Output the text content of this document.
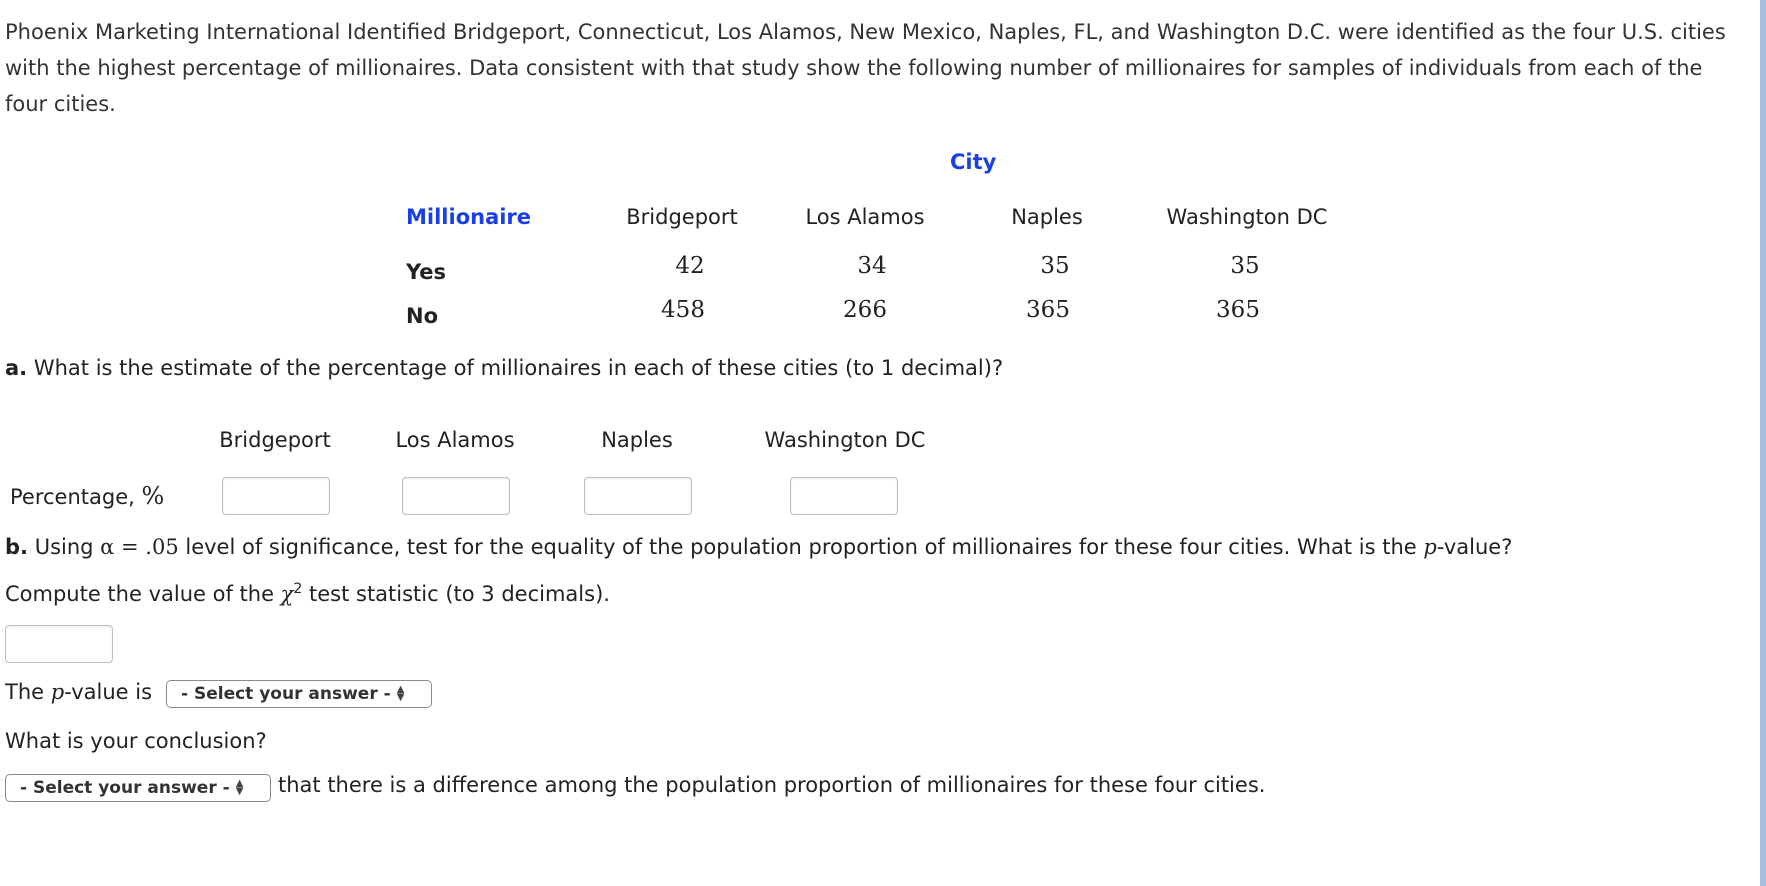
Phoenix Marketing International Identified Bridgeport, Connecticut, Los Alamos, New Mexico, Naples, FL, and Washington D.C. were identified as the four U.S. cities with the highest percentage of millionaires. Data consistent with that study show the following number of millionaires for samples of individuals from each of the four cities.
City
Millionaire	Bridgeport	Los Alamos	Naples	Washington DC
Yes	42	34	35	35
No	458	266	365	365
a. What is the estimate of the percentage of millionaires in each of these cities (to 1 decimal)?
Bridgeport	Los Alamos	Naples	Washington DC
Percentage, %
b. Using α = .05 level of significance, test for the equality of the population proportion of millionaires for these four cities. What is the p-value?
Compute the value of the $\chi^2$ test statistic (to 3 decimals).
The p-value is - Select your answer - ▲
▼
What is your conclusion?
- Select your answer - ▲
▼ that there is a difference among the population proportion of millionaires for these four cities.
